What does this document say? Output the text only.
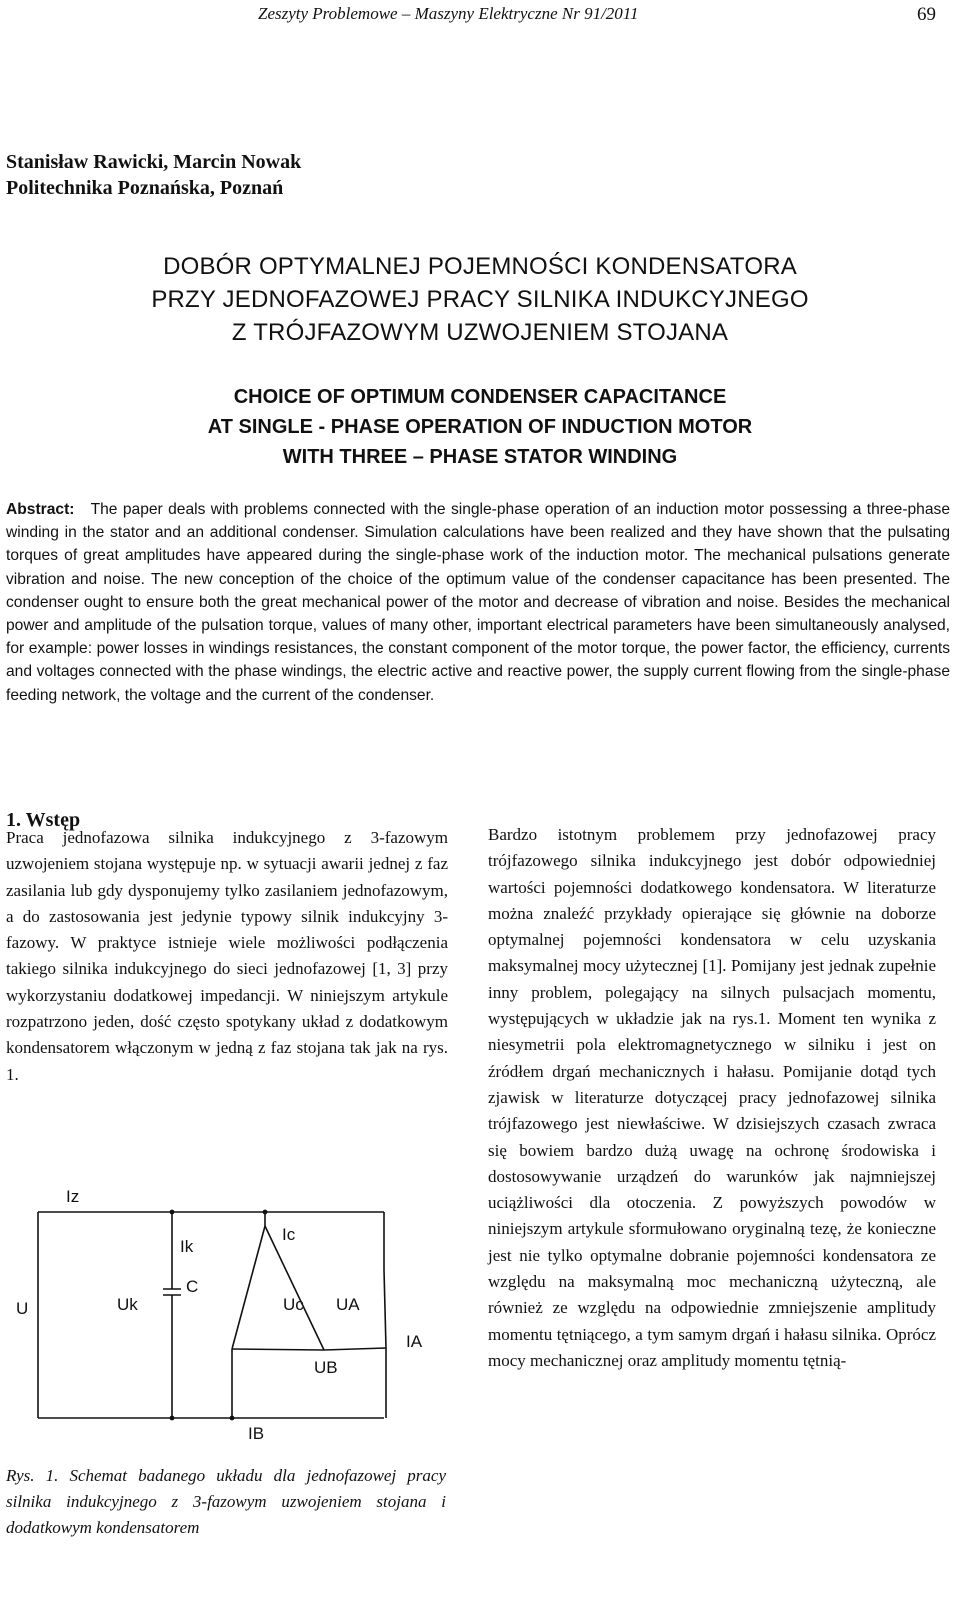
Zeszyty Problemowe – Maszyny Elektryczne Nr 91/2011	69
Stanisław Rawicki, Marcin Nowak
Politechnika Poznańska, Poznań
DOBÓR OPTYMALNEJ POJEMNOŚCI KONDENSATORA
PRZY JEDNOFAZOWEJ PRACY SILNIKA INDUKCYJNEGO
Z TRÓJFAZOWYM UZWOJENIEM STOJANA
CHOICE OF OPTIMUM CONDENSER CAPACITANCE
AT SINGLE - PHASE OPERATION OF INDUCTION MOTOR
WITH THREE – PHASE STATOR WINDING
Abstract: The paper deals with problems connected with the single-phase operation of an induction motor possessing a three-phase winding in the stator and an additional condenser. Simulation calculations have been realized and they have shown that the pulsating torques of great amplitudes have appeared during the single-phase work of the induction motor. The mechanical pulsations generate vibration and noise. The new conception of the choice of the optimum value of the condenser capacitance has been presented. The condenser ought to ensure both the great mechanical power of the motor and decrease of vibration and noise. Besides the mechanical power and amplitude of the pulsation torque, values of many other, important electrical parameters have been simultaneously analysed, for example: power losses in windings resistances, the constant component of the motor torque, the power factor, the efficiency, currents and voltages connected with the phase windings, the electric active and reactive power, the supply current flowing from the single-phase feeding network, the voltage and the current of the condenser.
1. Wstęp

Praca jednofazowa silnika indukcyjnego z 3-fazowym uzwojeniem stojana występuje np. w sytuacji awarii jednej z faz zasilania lub gdy dysponujemy tylko zasilaniem jednofazowym, a do zastosowania jest jedynie typowy silnik indukcyjny 3-fazowy. W praktyce istnieje wiele możliwości podłączenia takiego silnika indukcyjnego do sieci jednofazowej [1, 3] przy wykorzystaniu dodatkowej impedancji. W niniejszym artykule rozpatrzono jeden, dość często spotykany układ z dodatkowym kondensatorem włączonym w jedną z faz stojana tak jak na rys. 1.

Iz
Ik
C
Ic
U	Uk	Uc UA
IA
UB
IB
Rys. 1. Schemat badanego układu dla jednofazowej pracy silnika indukcyjnego z 3-fazowym uzwojeniem stojana i dodatkowym kondensatorem

Bardzo istotnym problemem przy jednofazowej pracy trójfazowego silnika indukcyjnego jest dobór odpowiedniej wartości pojemności dodatkowego kondensatora. W literaturze można znaleźć przykłady opierające się głównie na doborze optymalnej pojemności kondensatora w celu uzyskania maksymalnej mocy użytecznej [1]. Pomijany jest jednak zupełnie inny problem, polegający na silnych pulsacjach momentu, występujących w układzie jak na rys.1. Moment ten wynika z niesymetrii pola elektromagnetycznego w silniku i jest on źródłem drgań mechanicznych i hałasu. Pomijanie dotąd tych zjawisk w literaturze dotyczącej pracy jednofazowej silnika trójfazowego jest niewłaściwe. W dzisiejszych czasach zwraca się bowiem bardzo dużą uwagę na ochronę środowiska i dostosowywanie urządzeń do warunków jak najmniejszej uciążliwości dla otoczenia. Z powyższych powodów w niniejszym artykule sformułowano oryginalną tezę, że konieczne jest nie tylko optymalne dobranie pojemności kondensatora ze względu na maksymalną moc mechaniczną użyteczną, ale również ze względu na odpowiednie zmniejszenie amplitudy momentu tętniącego, a tym samym drgań i hałasu silnika. Oprócz mocy mechanicznej oraz amplitudy momentu tętnią-
